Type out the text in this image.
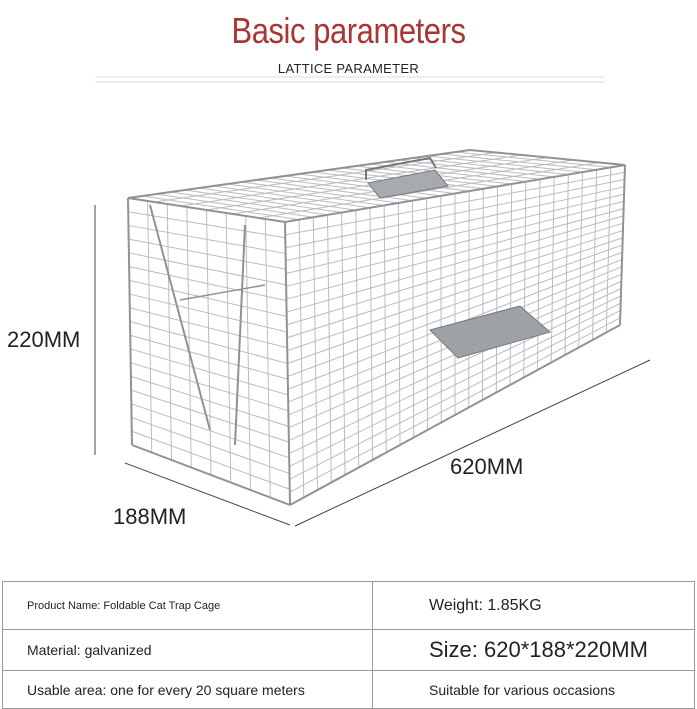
Basic parameters
LATTICE PARAMETER
220MM
620MM
188MM
Product Name: Foldable Cat Trap Cage	Weight: 1.85KG
Material: galvanized	Size: 620*188*220MM
Usable area: one for every 20 square meters	Suitable for various occasions
